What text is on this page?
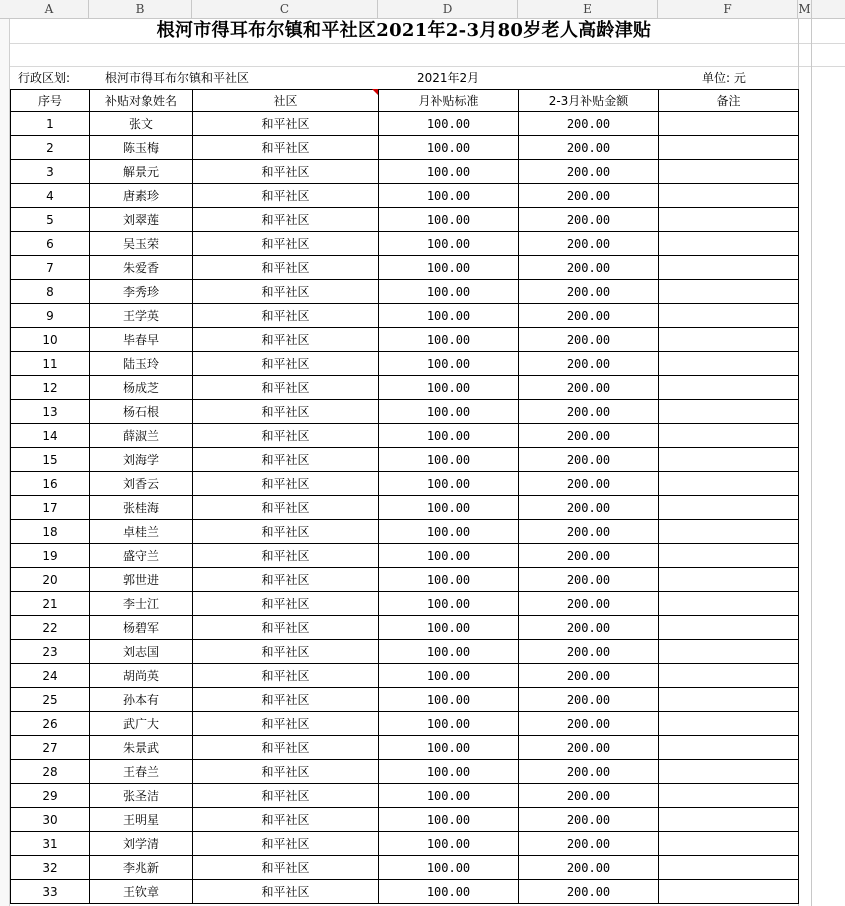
A	B	C	D	E	F	M
根河市得耳布尔镇和平社区2021年2-3月80岁老人高龄津贴
行政区划:	根河市得耳布尔镇和平社区	2021年2月	单位: 元
序号	补贴对象姓名	社区	月补贴标准	2-3月补贴金额	备注
1	张文	和平社区	100.00	200.00	
2	陈玉梅	和平社区	100.00	200.00	
3	解景元	和平社区	100.00	200.00	
4	唐素珍	和平社区	100.00	200.00	
5	刘翠莲	和平社区	100.00	200.00	
6	吴玉荣	和平社区	100.00	200.00	
7	朱爱香	和平社区	100.00	200.00	
8	李秀珍	和平社区	100.00	200.00	
9	王学英	和平社区	100.00	200.00	
10	毕春早	和平社区	100.00	200.00	
11	陆玉玲	和平社区	100.00	200.00	
12	杨成芝	和平社区	100.00	200.00	
13	杨石根	和平社区	100.00	200.00	
14	薛淑兰	和平社区	100.00	200.00	
15	刘海学	和平社区	100.00	200.00	
16	刘香云	和平社区	100.00	200.00	
17	张桂海	和平社区	100.00	200.00	
18	卓桂兰	和平社区	100.00	200.00	
19	盛守兰	和平社区	100.00	200.00	
20	郭世进	和平社区	100.00	200.00	
21	李士江	和平社区	100.00	200.00	
22	杨碧军	和平社区	100.00	200.00	
23	刘志国	和平社区	100.00	200.00	
24	胡尚英	和平社区	100.00	200.00	
25	孙本有	和平社区	100.00	200.00	
26	武广大	和平社区	100.00	200.00	
27	朱景武	和平社区	100.00	200.00	
28	王春兰	和平社区	100.00	200.00	
29	张圣洁	和平社区	100.00	200.00	
30	王明星	和平社区	100.00	200.00	
31	刘学清	和平社区	100.00	200.00	
32	李兆新	和平社区	100.00	200.00	
33	王钦章	和平社区	100.00	200.00	
